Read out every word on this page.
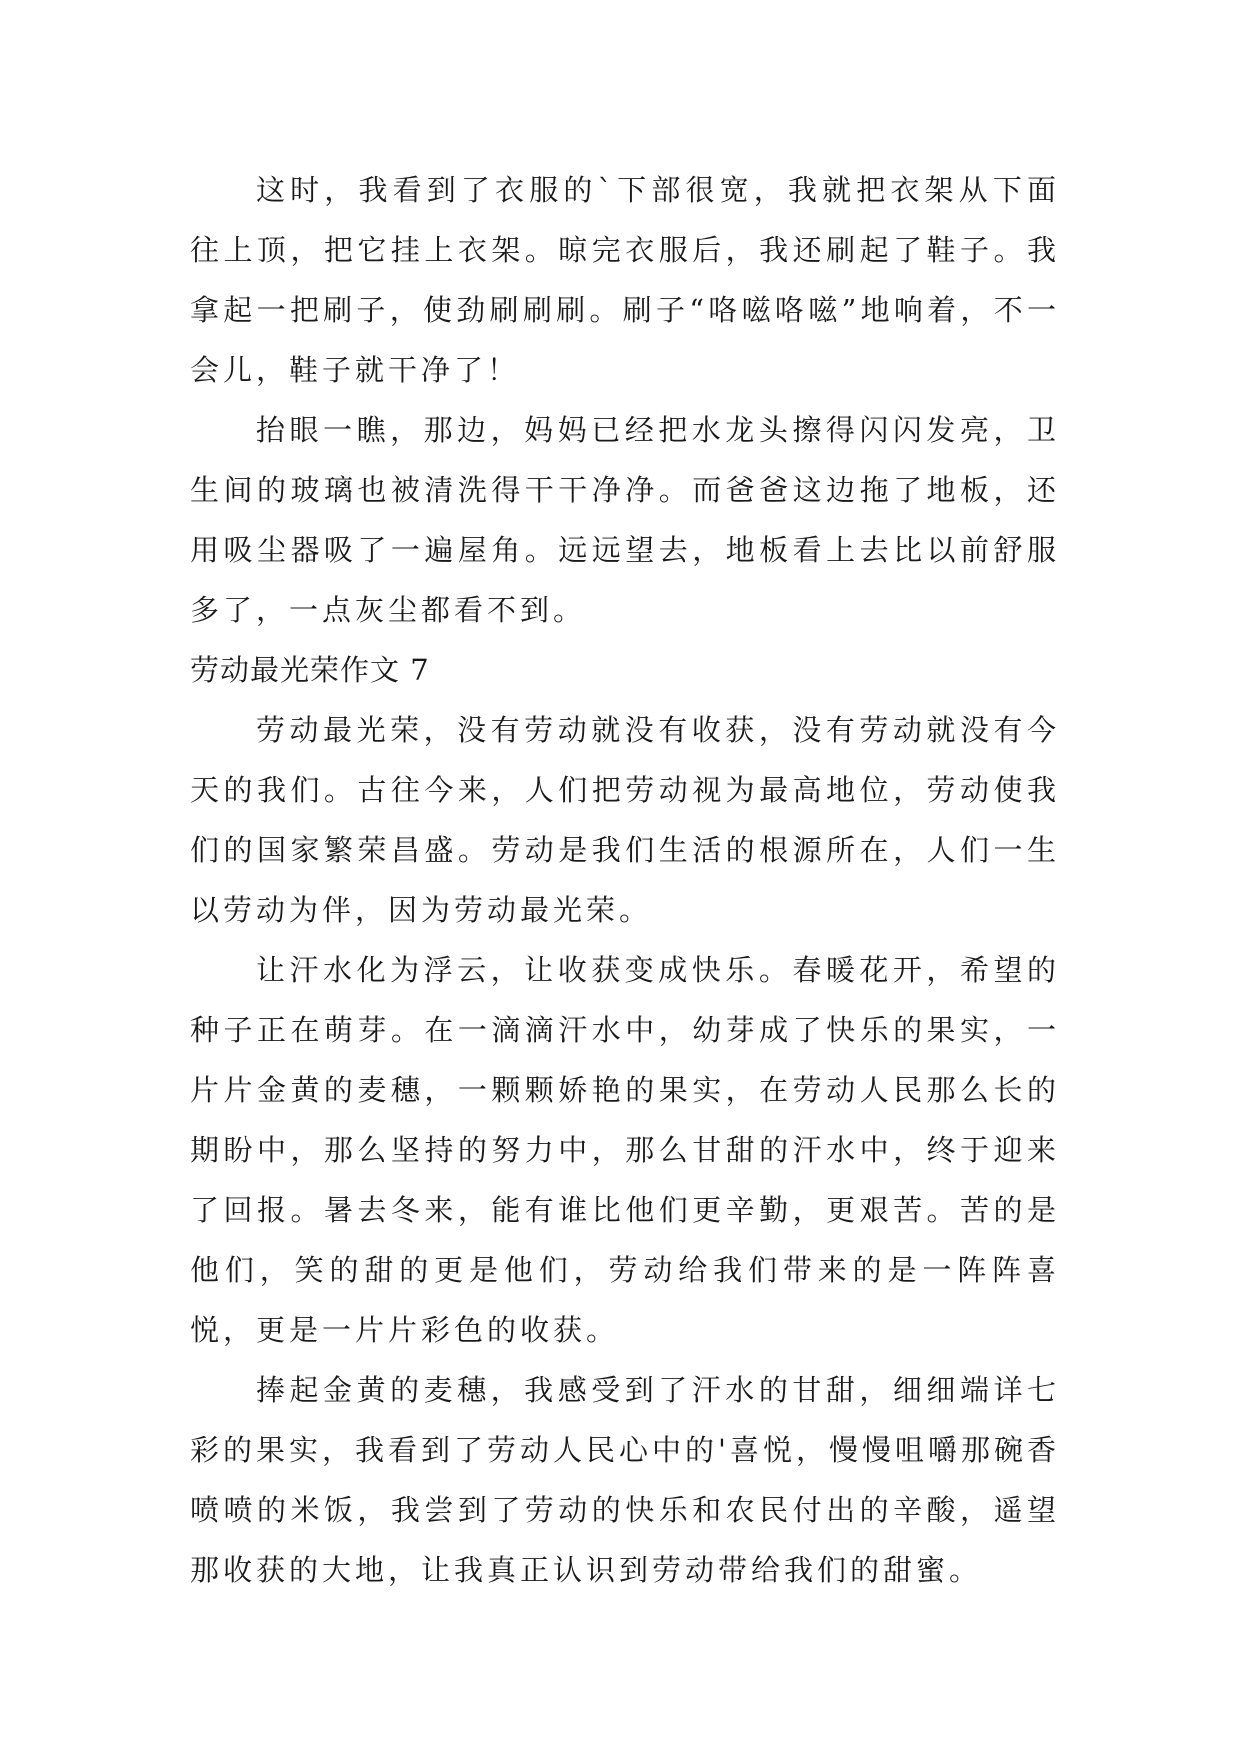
这时，我看到了衣服的`下部很宽，我就把衣架从下面往上顶，把它挂上衣架。晾完衣服后，我还刷起了鞋子。我拿起一把刷子，使劲刷刷刷。刷子“咯嗞咯嗞”地响着，不一会儿，鞋子就干净了！

抬眼一瞧，那边，妈妈已经把水龙头擦得闪闪发亮，卫生间的玻璃也被清洗得干干净净。而爸爸这边拖了地板，还用吸尘器吸了一遍屋角。远远望去，地板看上去比以前舒服多了，一点灰尘都看不到。

劳动最光荣作文 7

劳动最光荣，没有劳动就没有收获，没有劳动就没有今天的我们。古往今来，人们把劳动视为最高地位，劳动使我们的国家繁荣昌盛。劳动是我们生活的根源所在，人们一生以劳动为伴，因为劳动最光荣。

让汗水化为浮云，让收获变成快乐。春暖花开，希望的种子正在萌芽。在一滴滴汗水中，幼芽成了快乐的果实，一片片金黄的麦穗，一颗颗娇艳的果实，在劳动人民那么长的期盼中，那么坚持的努力中，那么甘甜的汗水中，终于迎来了回报。暑去冬来，能有谁比他们更辛勤，更艰苦。苦的是他们，笑的甜的更是他们，劳动给我们带来的是一阵阵喜悦，更是一片片彩色的收获。

捧起金黄的麦穗，我感受到了汗水的甘甜，细细端详七彩的果实，我看到了劳动人民心中的'喜悦，慢慢咀嚼那碗香喷喷的米饭，我尝到了劳动的快乐和农民付出的辛酸，遥望那收获的大地，让我真正认识到劳动带给我们的甜蜜。
